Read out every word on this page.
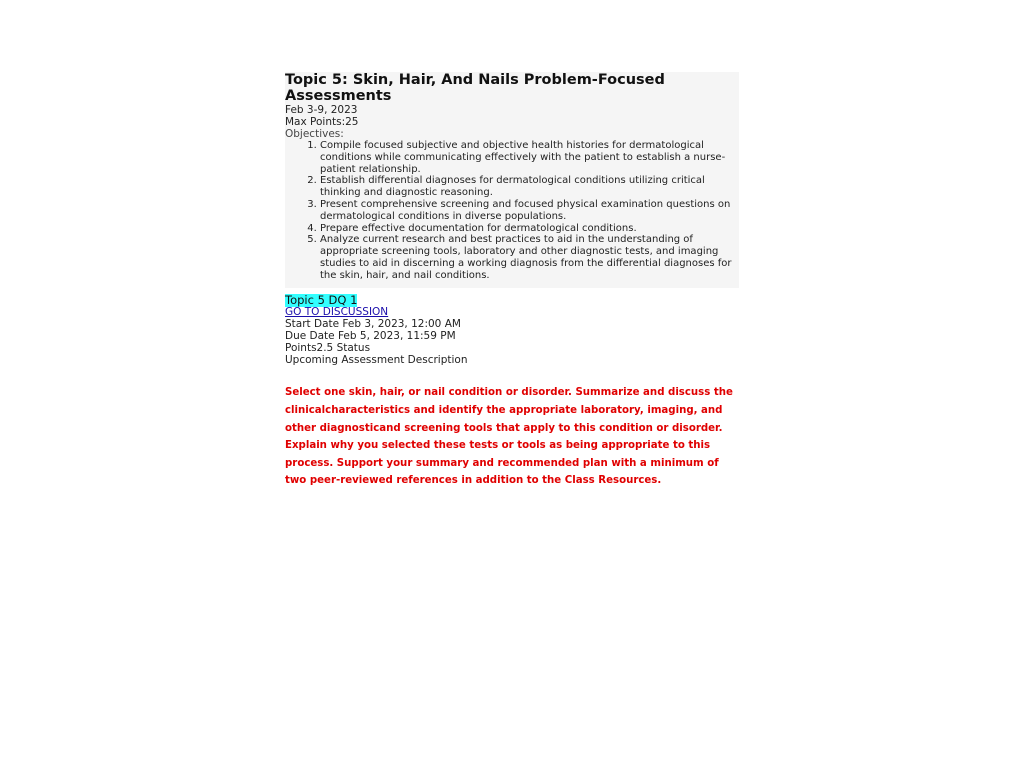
Topic 5: Skin, Hair, And Nails Problem-Focused Assessments
Feb 3-9, 2023
Max Points:25
Objectives:
1. Compile focused subjective and objective health histories for dermatological conditions while communicating effectively with the patient to establish a nurse-patient relationship.
2. Establish differential diagnoses for dermatological conditions utilizing critical thinking and diagnostic reasoning.
3. Present comprehensive screening and focused physical examination questions on dermatological conditions in diverse populations.
4. Prepare effective documentation for dermatological conditions.
5. Analyze current research and best practices to aid in the understanding of appropriate screening tools, laboratory and other diagnostic tests, and imaging studies to aid in discerning a working diagnosis from the differential diagnoses for the skin, hair, and nail conditions.
Topic 5 DQ 1
GO TO DISCUSSION
Start Date Feb 3, 2023, 12:00 AM
Due Date Feb 5, 2023, 11:59 PM
Points2.5 Status
Upcoming Assessment Description
Select one skin, hair, or nail condition or disorder. Summarize and discuss the clinicalcharacteristics and identify the appropriate laboratory, imaging, and other diagnosticand screening tools that apply to this condition or disorder. Explain why you selected these tests or tools as being appropriate to this process. Support your summary and recommended plan with a minimum of two peer-reviewed references in addition to the Class Resources.
